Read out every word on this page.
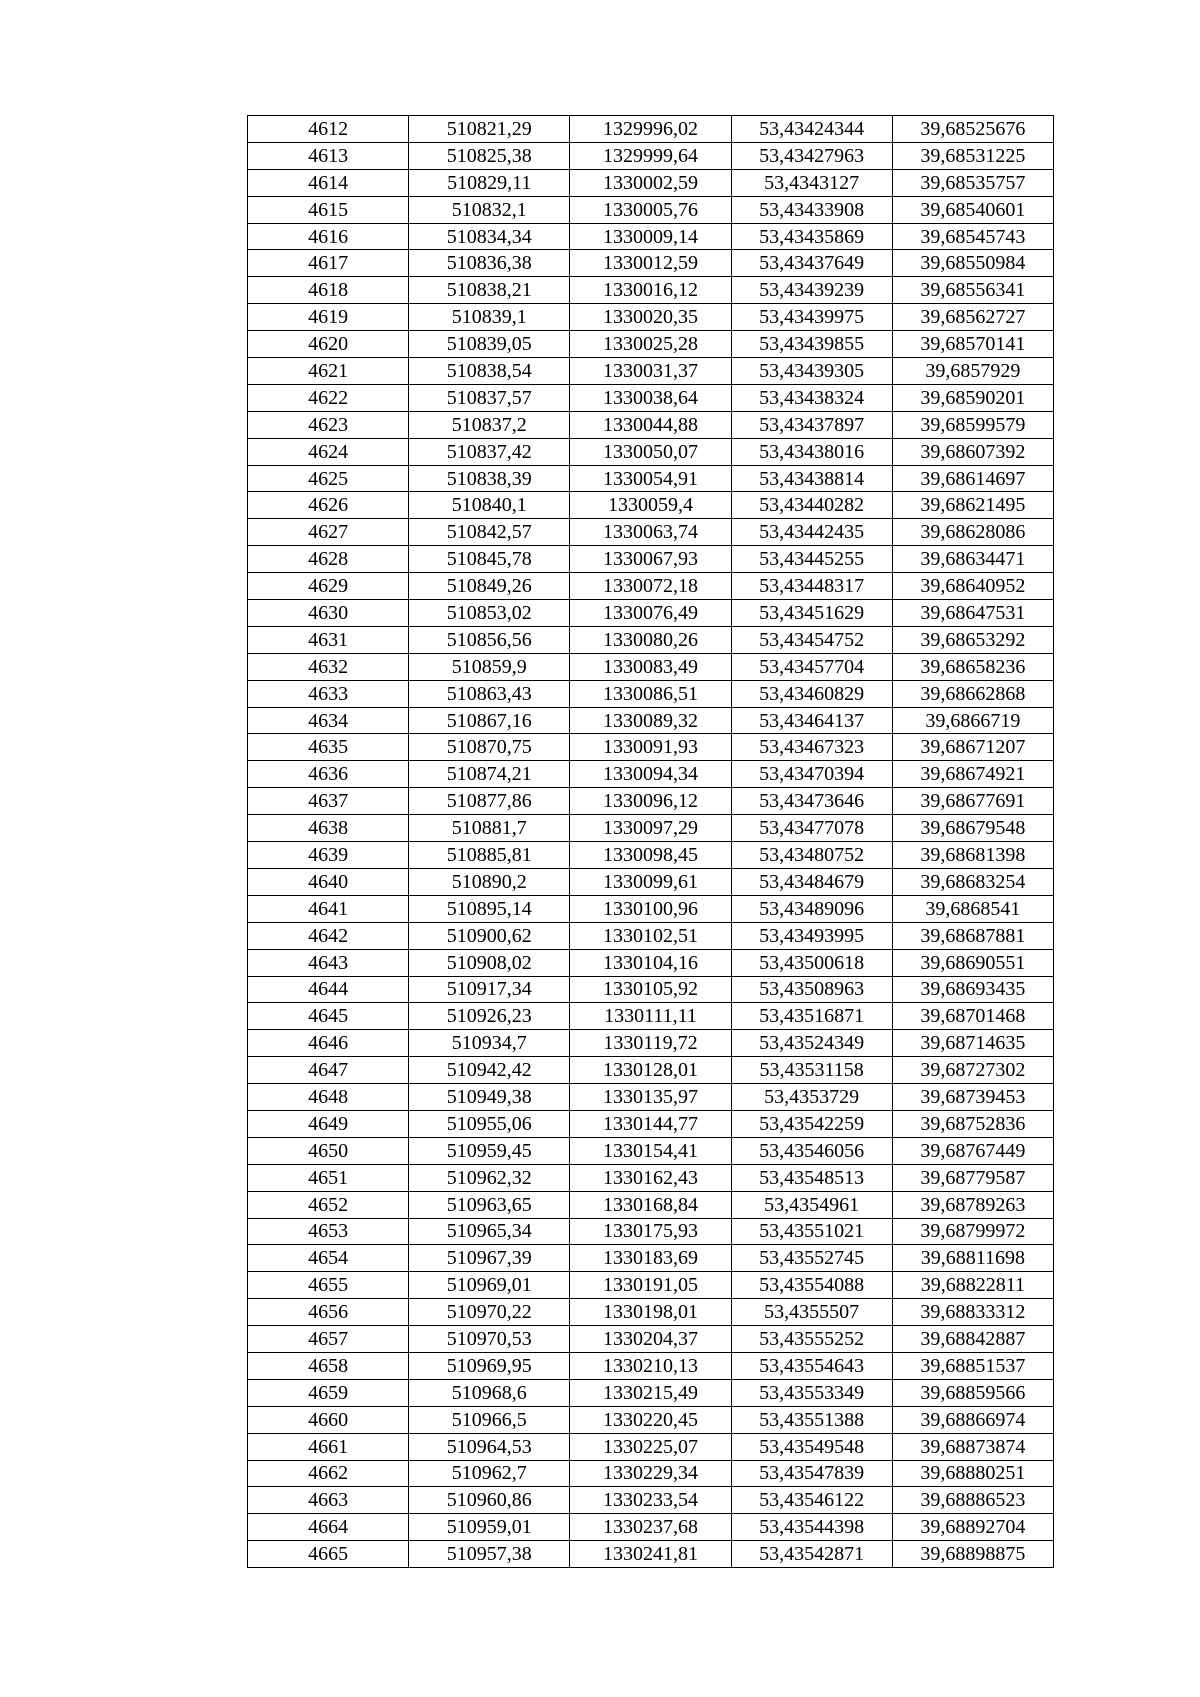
4612	510821,29	1329996,02	53,43424344	39,68525676
4613	510825,38	1329999,64	53,43427963	39,68531225
4614	510829,11	1330002,59	53,4343127	39,68535757
4615	510832,1	1330005,76	53,43433908	39,68540601
4616	510834,34	1330009,14	53,43435869	39,68545743
4617	510836,38	1330012,59	53,43437649	39,68550984
4618	510838,21	1330016,12	53,43439239	39,68556341
4619	510839,1	1330020,35	53,43439975	39,68562727
4620	510839,05	1330025,28	53,43439855	39,68570141
4621	510838,54	1330031,37	53,43439305	39,6857929
4622	510837,57	1330038,64	53,43438324	39,68590201
4623	510837,2	1330044,88	53,43437897	39,68599579
4624	510837,42	1330050,07	53,43438016	39,68607392
4625	510838,39	1330054,91	53,43438814	39,68614697
4626	510840,1	1330059,4	53,43440282	39,68621495
4627	510842,57	1330063,74	53,43442435	39,68628086
4628	510845,78	1330067,93	53,43445255	39,68634471
4629	510849,26	1330072,18	53,43448317	39,68640952
4630	510853,02	1330076,49	53,43451629	39,68647531
4631	510856,56	1330080,26	53,43454752	39,68653292
4632	510859,9	1330083,49	53,43457704	39,68658236
4633	510863,43	1330086,51	53,43460829	39,68662868
4634	510867,16	1330089,32	53,43464137	39,6866719
4635	510870,75	1330091,93	53,43467323	39,68671207
4636	510874,21	1330094,34	53,43470394	39,68674921
4637	510877,86	1330096,12	53,43473646	39,68677691
4638	510881,7	1330097,29	53,43477078	39,68679548
4639	510885,81	1330098,45	53,43480752	39,68681398
4640	510890,2	1330099,61	53,43484679	39,68683254
4641	510895,14	1330100,96	53,43489096	39,6868541
4642	510900,62	1330102,51	53,43493995	39,68687881
4643	510908,02	1330104,16	53,43500618	39,68690551
4644	510917,34	1330105,92	53,43508963	39,68693435
4645	510926,23	1330111,11	53,43516871	39,68701468
4646	510934,7	1330119,72	53,43524349	39,68714635
4647	510942,42	1330128,01	53,43531158	39,68727302
4648	510949,38	1330135,97	53,4353729	39,68739453
4649	510955,06	1330144,77	53,43542259	39,68752836
4650	510959,45	1330154,41	53,43546056	39,68767449
4651	510962,32	1330162,43	53,43548513	39,68779587
4652	510963,65	1330168,84	53,4354961	39,68789263
4653	510965,34	1330175,93	53,43551021	39,68799972
4654	510967,39	1330183,69	53,43552745	39,68811698
4655	510969,01	1330191,05	53,43554088	39,68822811
4656	510970,22	1330198,01	53,4355507	39,68833312
4657	510970,53	1330204,37	53,43555252	39,68842887
4658	510969,95	1330210,13	53,43554643	39,68851537
4659	510968,6	1330215,49	53,43553349	39,68859566
4660	510966,5	1330220,45	53,43551388	39,68866974
4661	510964,53	1330225,07	53,43549548	39,68873874
4662	510962,7	1330229,34	53,43547839	39,68880251
4663	510960,86	1330233,54	53,43546122	39,68886523
4664	510959,01	1330237,68	53,43544398	39,68892704
4665	510957,38	1330241,81	53,43542871	39,68898875
